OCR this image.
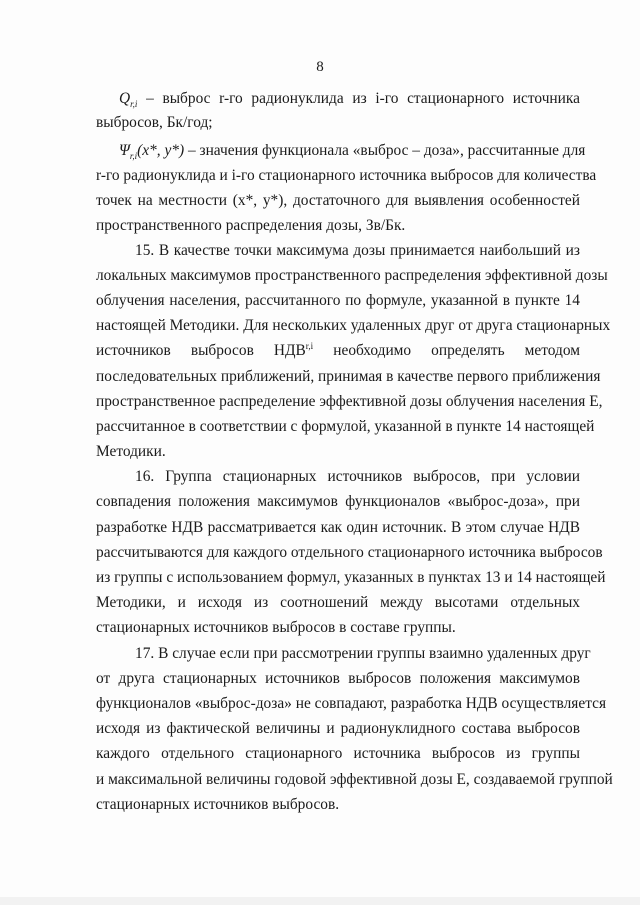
8
$Q_{r,i}$ – выброс r-го радионуклида из i-го стационарного источника
выбросов, Бк/год;
$\Psi_{r,i}(x*$, y*) – значения функционала «выброс – доза», рассчитанные для
r-го радионуклида и i-го стационарного источника выбросов для количества
точек на местности (x*, y*), достаточного для выявления особенностей
пространственного распределения дозы, Зв/Бк.
15. В качестве точки максимума дозы принимается наибольший из
локальных максимумов пространственного распределения эффективной дозы
облучения населения, рассчитанного по формуле, указанной в пункте 14
настоящей Методики. Для нескольких удаленных друг от друга стационарных
источников выбросов НДВ$^{r,i}$ необходимо определять методом
последовательных приближений, принимая в качестве первого приближения
пространственное распределение эффективной дозы облучения населения E,
рассчитанное в соответствии с формулой, указанной в пункте 14 настоящей
Методики.
16. Группа стационарных источников выбросов, при условии
совпадения положения максимумов функционалов «выброс-доза», при
разработке НДВ рассматривается как один источник. В этом случае НДВ
рассчитываются для каждого отдельного стационарного источника выбросов
из группы с использованием формул, указанных в пунктах 13 и 14 настоящей
Методики, и исходя из соотношений между высотами отдельных
стационарных источников выбросов в составе группы.
17. В случае если при рассмотрении группы взаимно удаленных друг
от друга стационарных источников выбросов положения максимумов
функционалов «выброс-доза» не совпадают, разработка НДВ осуществляется
исходя из фактической величины и радионуклидного состава выбросов
каждого отдельного стационарного источника выбросов из группы
и максимальной величины годовой эффективной дозы E, создаваемой группой
стационарных источников выбросов.
